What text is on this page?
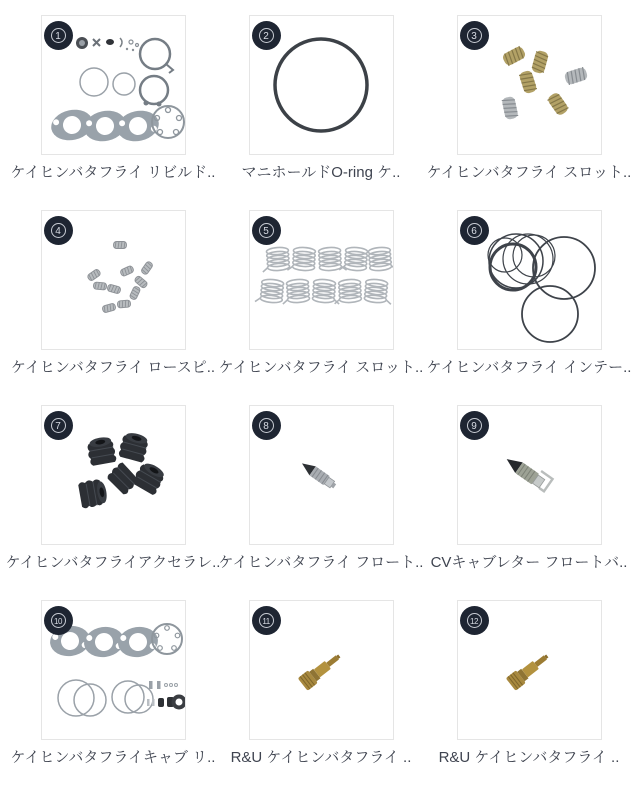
1
ケイヒンバタフライ リビルド..
2
マニホールドO-ring ケ..
3
ケイヒンバタフライ スロット..
4
ケイヒンバタフライ ロースピ..
5
ケイヒンバタフライ スロット..
6
ケイヒンバタフライ インテー..
7
ケイヒンバタフライアクセラレ..
8
ケイヒンバタフライ フロート..
9
CVキャブレター フロートバ..
10
ケイヒンバタフライキャブ リ..
11
R&U ケイヒンバタフライ ..
12
R&U ケイヒンバタフライ ..
